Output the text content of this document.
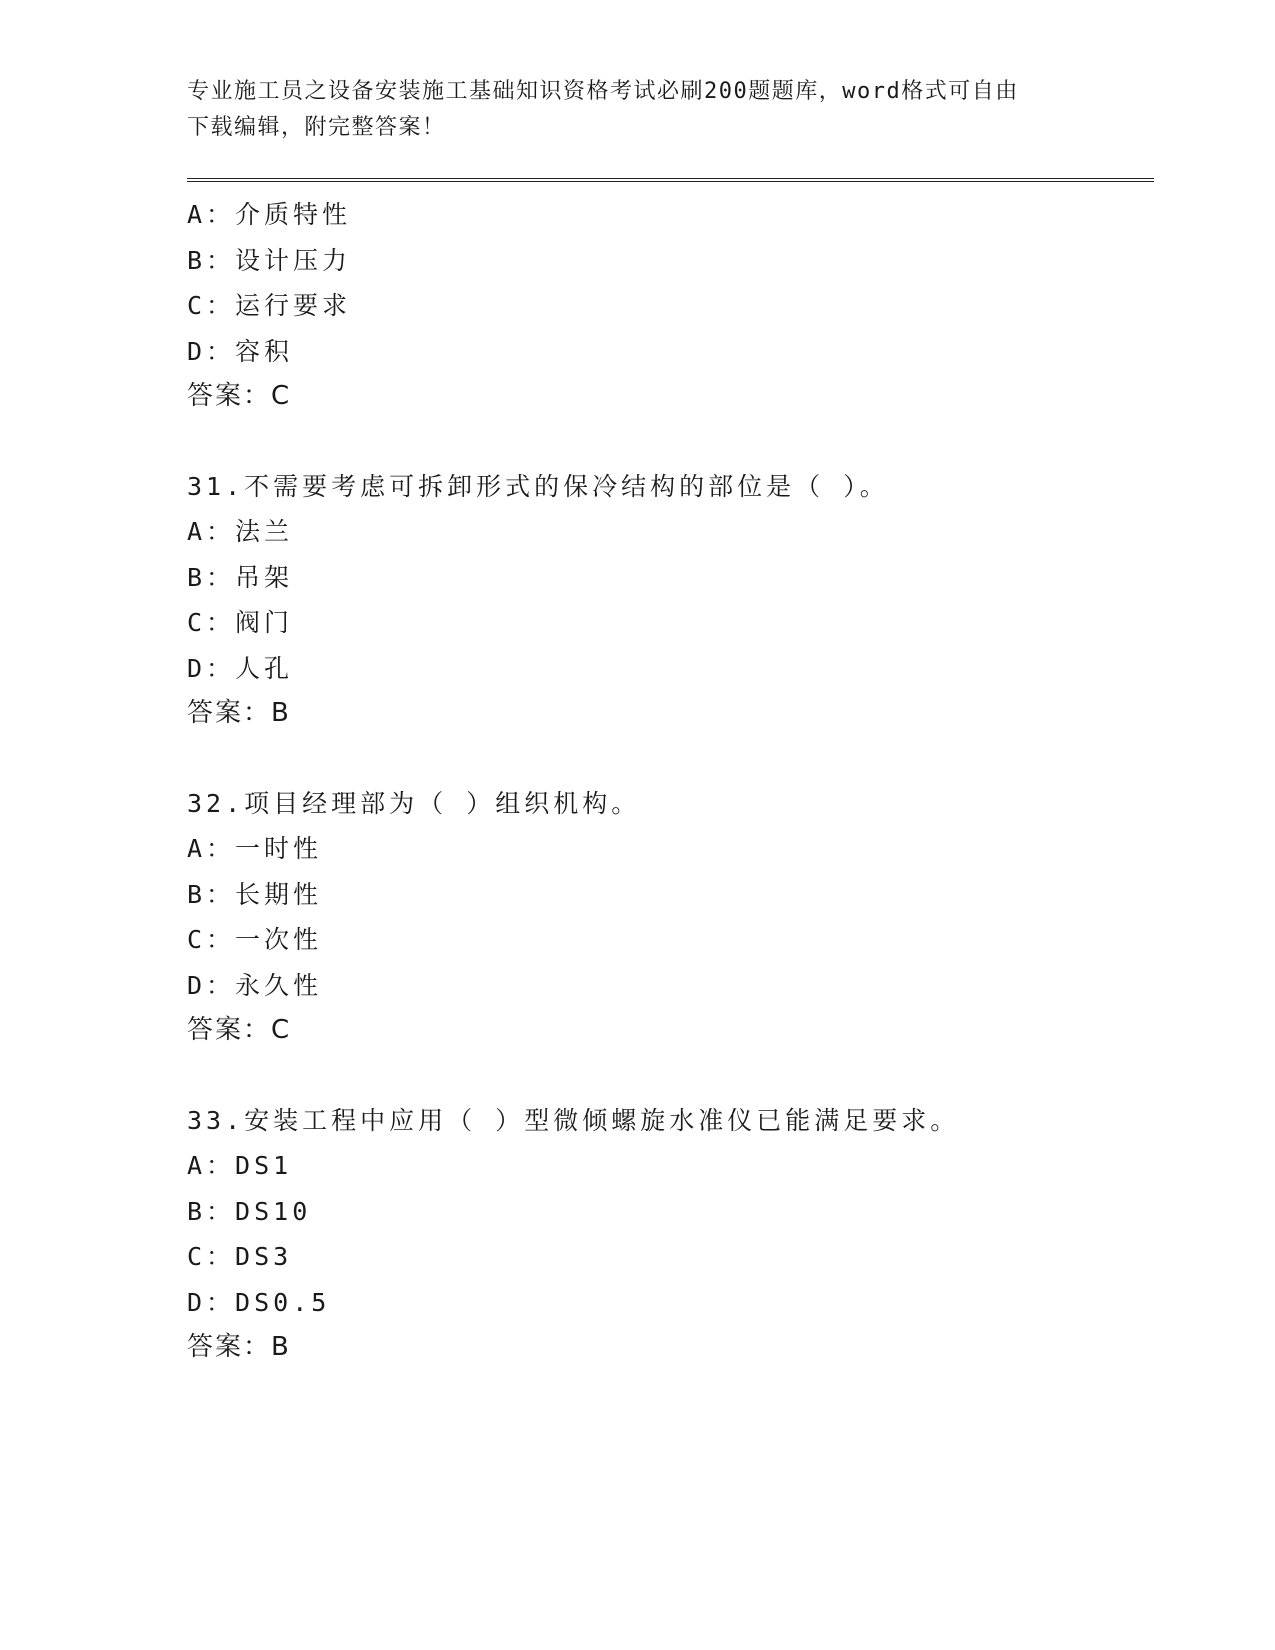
专业施工员之设备安装施工基础知识资格考试必刷200题题库，word格式可自由
下载编辑，附完整答案！
A：介质特性
B：设计压力
C：运行要求
D：容积
答案：C
31.不需要考虑可拆卸形式的保冷结构的部位是（ ）。
A：法兰
B：吊架
C：阀门
D：人孔
答案：B
32.项目经理部为（ ）组织机构。
A：一时性
B：长期性
C：一次性
D：永久性
答案：C
33.安装工程中应用（ ）型微倾螺旋水准仪已能满足要求。
A：DS1
B：DS10
C：DS3
D：DS0.5
答案：B
